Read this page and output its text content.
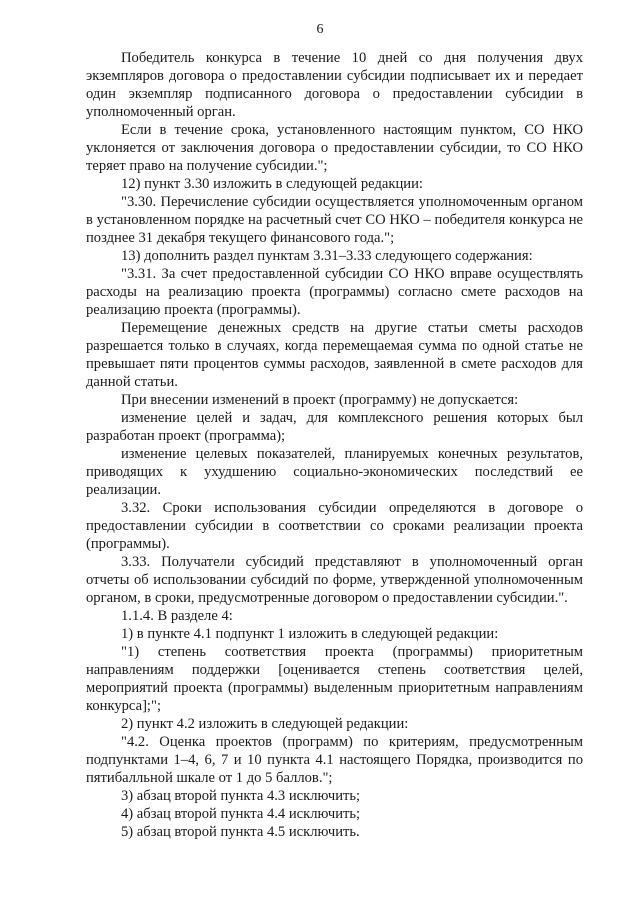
6

Победитель конкурса в течение 10 дней со дня получения двух экземпляров договора о предоставлении субсидии подписывает их и передает один экземпляр подписанного договора о предоставлении субсидии в уполномоченный орган.

Если в течение срока, установленного настоящим пунктом, СО НКО уклоняется от заключения договора о предоставлении субсидии, то СО НКО теряет право на получение субсидии.";

12) пункт 3.30 изложить в следующей редакции:

"3.30. Перечисление субсидии осуществляется уполномоченным органом в установленном порядке на расчетный счет СО НКО – победителя конкурса не позднее 31 декабря текущего финансового года.";

13) дополнить раздел пунктам 3.31–3.33 следующего содержания:

"3.31. За счет предоставленной субсидии СО НКО вправе осуществлять расходы на реализацию проекта (программы) согласно смете расходов на реализацию проекта (программы).

Перемещение денежных средств на другие статьи сметы расходов разрешается только в случаях, когда перемещаемая сумма по одной статье не превышает пяти процентов суммы расходов, заявленной в смете расходов для данной статьи.

При внесении изменений в проект (программу) не допускается:

изменение целей и задач, для комплексного решения которых был разработан проект (программа);

изменение целевых показателей, планируемых конечных результатов, приводящих к ухудшению социально-экономических последствий ее реализации.

3.32. Сроки использования субсидии определяются в договоре о предоставлении субсидии в соответствии со сроками реализации проекта (программы).

3.33. Получатели субсидий представляют в уполномоченный орган отчеты об использовании субсидий по форме, утвержденной уполномоченным органом, в сроки, предусмотренные договором о предоставлении субсидии.".

1.1.4. В разделе 4:

1) в пункте 4.1 подпункт 1 изложить в следующей редакции:

"1) степень соответствия проекта (программы) приоритетным направлениям поддержки [оценивается степень соответствия целей, мероприятий проекта (программы) выделенным приоритетным направлениям конкурса];";

2) пункт 4.2 изложить в следующей редакции:

"4.2. Оценка проектов (программ) по критериям, предусмотренным подпунктами 1–4, 6, 7 и 10 пункта 4.1 настоящего Порядка, производится по пятибалльной шкале от 1 до 5 баллов.";

3) абзац второй пункта 4.3 исключить;

4) абзац второй пункта 4.4 исключить;

5) абзац второй пункта 4.5 исключить.
